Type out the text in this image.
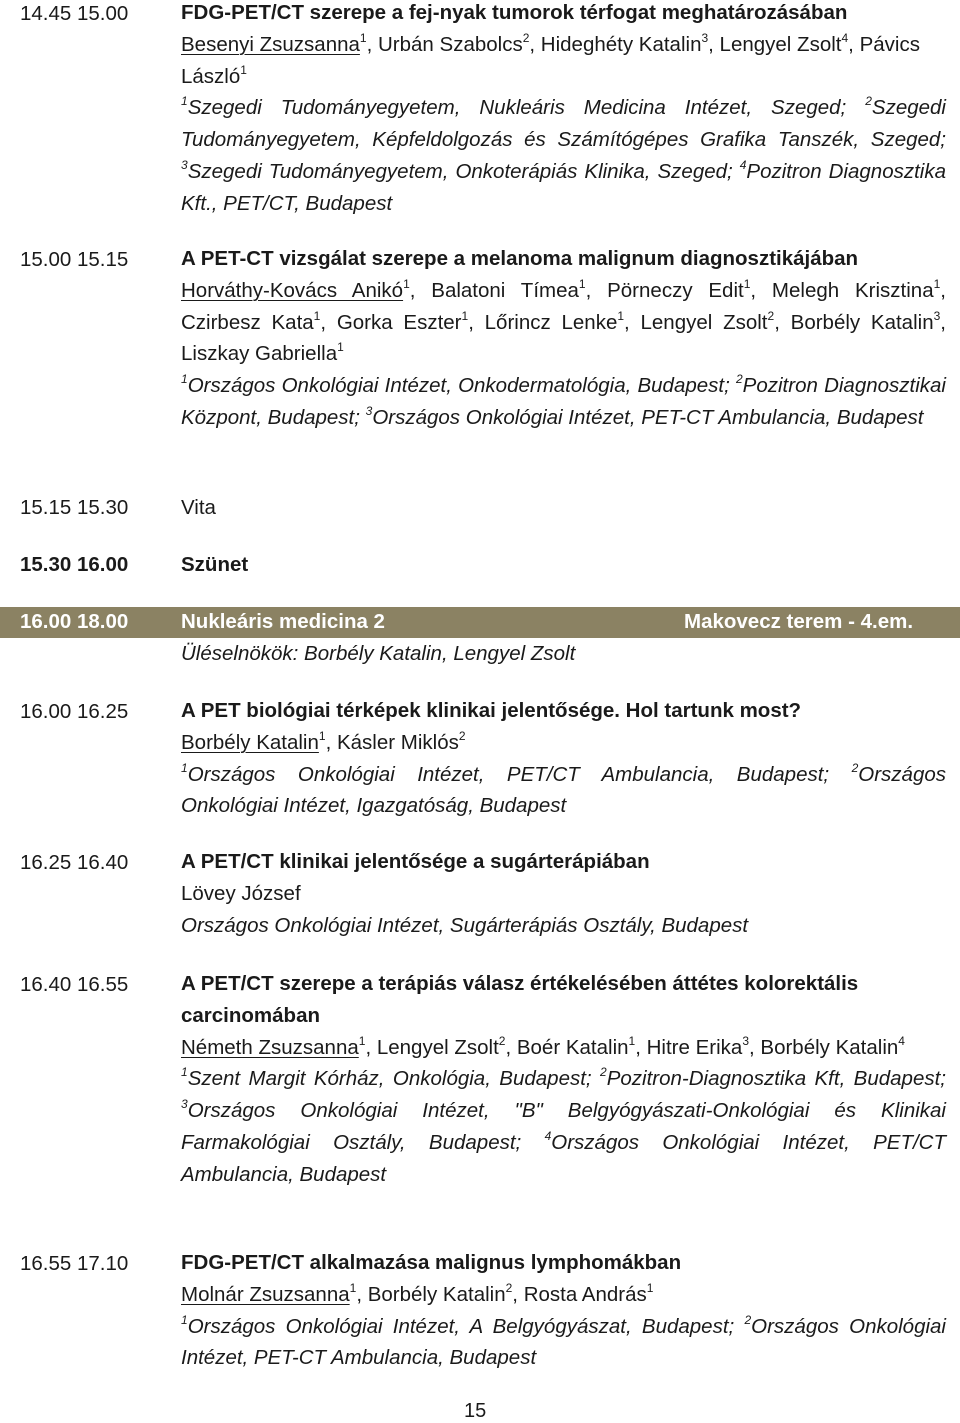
14.45 15.00	FDG-PET/CT szerepe a fej-nyak tumorok térfogat meghatározásában
Besenyi Zsuzsanna$^1$, Urbán Szabolcs$^2$, Hideghéty Katalin$^3$, Lengyel Zsolt$^4$, Pávics László$^1$
$^1$Szegedi Tudományegyetem, Nukleáris Medicina Intézet, Szeged; $^2$Szegedi Tudományegyetem, Képfeldolgozás és Számítógépes Grafika Tanszék, Szeged; $^3$Szegedi Tudományegyetem, Onkoterápiás Klinika, Szeged; $^4$Pozitron Diagnosztika Kft., PET/CT, Budapest
15.00 15.15	A PET-CT vizsgálat szerepe a melanoma malignum diagnosztikájában
Horváthy-Kovács Anikó$^1$, Balatoni Tímea$^1$, Pörneczy Edit$^1$, Melegh Krisztina$^1$, Czirbesz Kata$^1$, Gorka Eszter$^1$, Lőrincz Lenke$^1$, Lengyel Zsolt$^2$, Borbély Katalin$^3$, Liszkay Gabriella$^1$
$^1$Országos Onkológiai Intézet, Onkodermatológia, Budapest; $^2$Pozitron Diagnosztikai Központ, Budapest; $^3$Országos Onkológiai Intézet, PET-CT Ambulancia, Budapest
15.15 15.30	Vita
15.30 16.00	Szünet
16.00 18.00	Nukleáris medicina 2	Makovecz terem - 4.em.
Üléselnökök: Borbély Katalin, Lengyel Zsolt
16.00 16.25	A PET biológiai térképek klinikai jelentősége. Hol tartunk most?
Borbély Katalin$^1$, Kásler Miklós$^2$
$^1$Országos Onkológiai Intézet, PET/CT Ambulancia, Budapest; $^2$Országos Onkológiai Intézet, Igazgatóság, Budapest
16.25 16.40	A PET/CT klinikai jelentősége a sugárterápiában
Lövey József
Országos Onkológiai Intézet, Sugárterápiás Osztály, Budapest
16.40 16.55	A PET/CT szerepe a terápiás válasz értékelésében áttétes kolorektális carcinomában
Németh Zsuzsanna$^1$, Lengyel Zsolt$^2$, Boér Katalin$^1$, Hitre Erika$^3$, Borbély Katalin$^4$
$^1$Szent Margit Kórház, Onkológia, Budapest; $^2$Pozitron-Diagnosztika Kft, Budapest; $^3$Országos Onkológiai Intézet, "B" Belgyógyászati-Onkológiai és Klinikai Farmakológiai Osztály, Budapest; $^4$Országos Onkológiai Intézet, PET/CT Ambulancia, Budapest
16.55 17.10	FDG-PET/CT alkalmazása malignus lymphomákban
Molnár Zsuzsanna$^1$, Borbély Katalin$^2$, Rosta András$^1$
$^1$Országos Onkológiai Intézet, A Belgyógyászat, Budapest; $^2$Országos Onkológiai Intézet, PET-CT Ambulancia, Budapest
15
